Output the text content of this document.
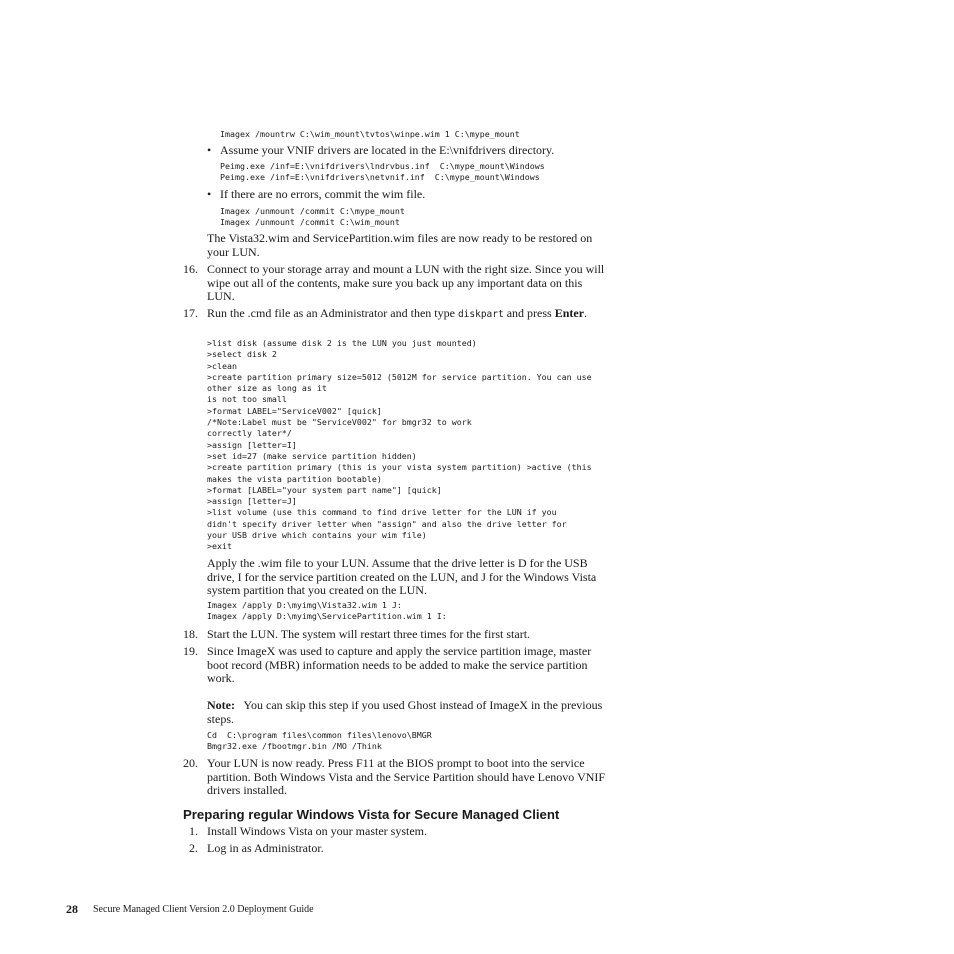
Imagex /mountrw C:\wim_mount\tvtos\winpe.wim 1 C:\mype_mount
• Assume your VNIF drivers are located in the E:\vnifdrivers directory.
Peimg.exe /inf=E:\vnifdrivers\lndrvbus.inf  C:\mype_mount\Windows
Peimg.exe /inf=E:\vnifdrivers\netvnif.inf  C:\mype_mount\Windows
• If there are no errors, commit the wim file.
Imagex /unmount /commit C:\mype_mount
Imagex /unmount /commit C:\wim_mount
The Vista32.wim and ServicePartition.wim files are now ready to be restored on your LUN.
16. Connect to your storage array and mount a LUN with the right size. Since you will wipe out all of the contents, make sure you back up any important data on this LUN.
17. Run the .cmd file as an Administrator and then type diskpart and press Enter.
>list disk (assume disk 2 is the LUN you just mounted)
>select disk 2
>clean
>create partition primary size=5012 (5012M for service partition. You can use
other size as long as it
is not too small
>format LABEL="ServiceV002" [quick]
/*Note:Label must be "ServiceV002" for bmgr32 to work
correctly later*/
>assign [letter=I]
>set id=27 (make service partition hidden)
>create partition primary (this is your vista system partition) >active (this
makes the vista partition bootable)
>format [LABEL="your system part name"] [quick]
>assign [letter=J]
>list volume (use this command to find drive letter for the LUN if you
didn't specify driver letter when "assign" and also the drive letter for
your USB drive which contains your wim file)
>exit
Apply the .wim file to your LUN. Assume that the drive letter is D for the USB drive, I for the service partition created on the LUN, and J for the Windows Vista system partition that you created on the LUN.
Imagex /apply D:\myimg\Vista32.wim 1 J:
Imagex /apply D:\myimg\ServicePartition.wim 1 I:
18. Start the LUN. The system will restart three times for the first start.
19. Since ImageX was used to capture and apply the service partition image, master boot record (MBR) information needs to be added to make the service partition work.
Note: You can skip this step if you used Ghost instead of ImageX in the previous steps.
Cd  C:\program files\common files\lenovo\BMGR
Bmgr32.exe /fbootmgr.bin /MO /Think
20. Your LUN is now ready. Press F11 at the BIOS prompt to boot into the service partition. Both Windows Vista and the Service Partition should have Lenovo VNIF drivers installed.
Preparing regular Windows Vista for Secure Managed Client
1. Install Windows Vista on your master system.
2. Log in as Administrator.
28 Secure Managed Client Version 2.0 Deployment Guide
